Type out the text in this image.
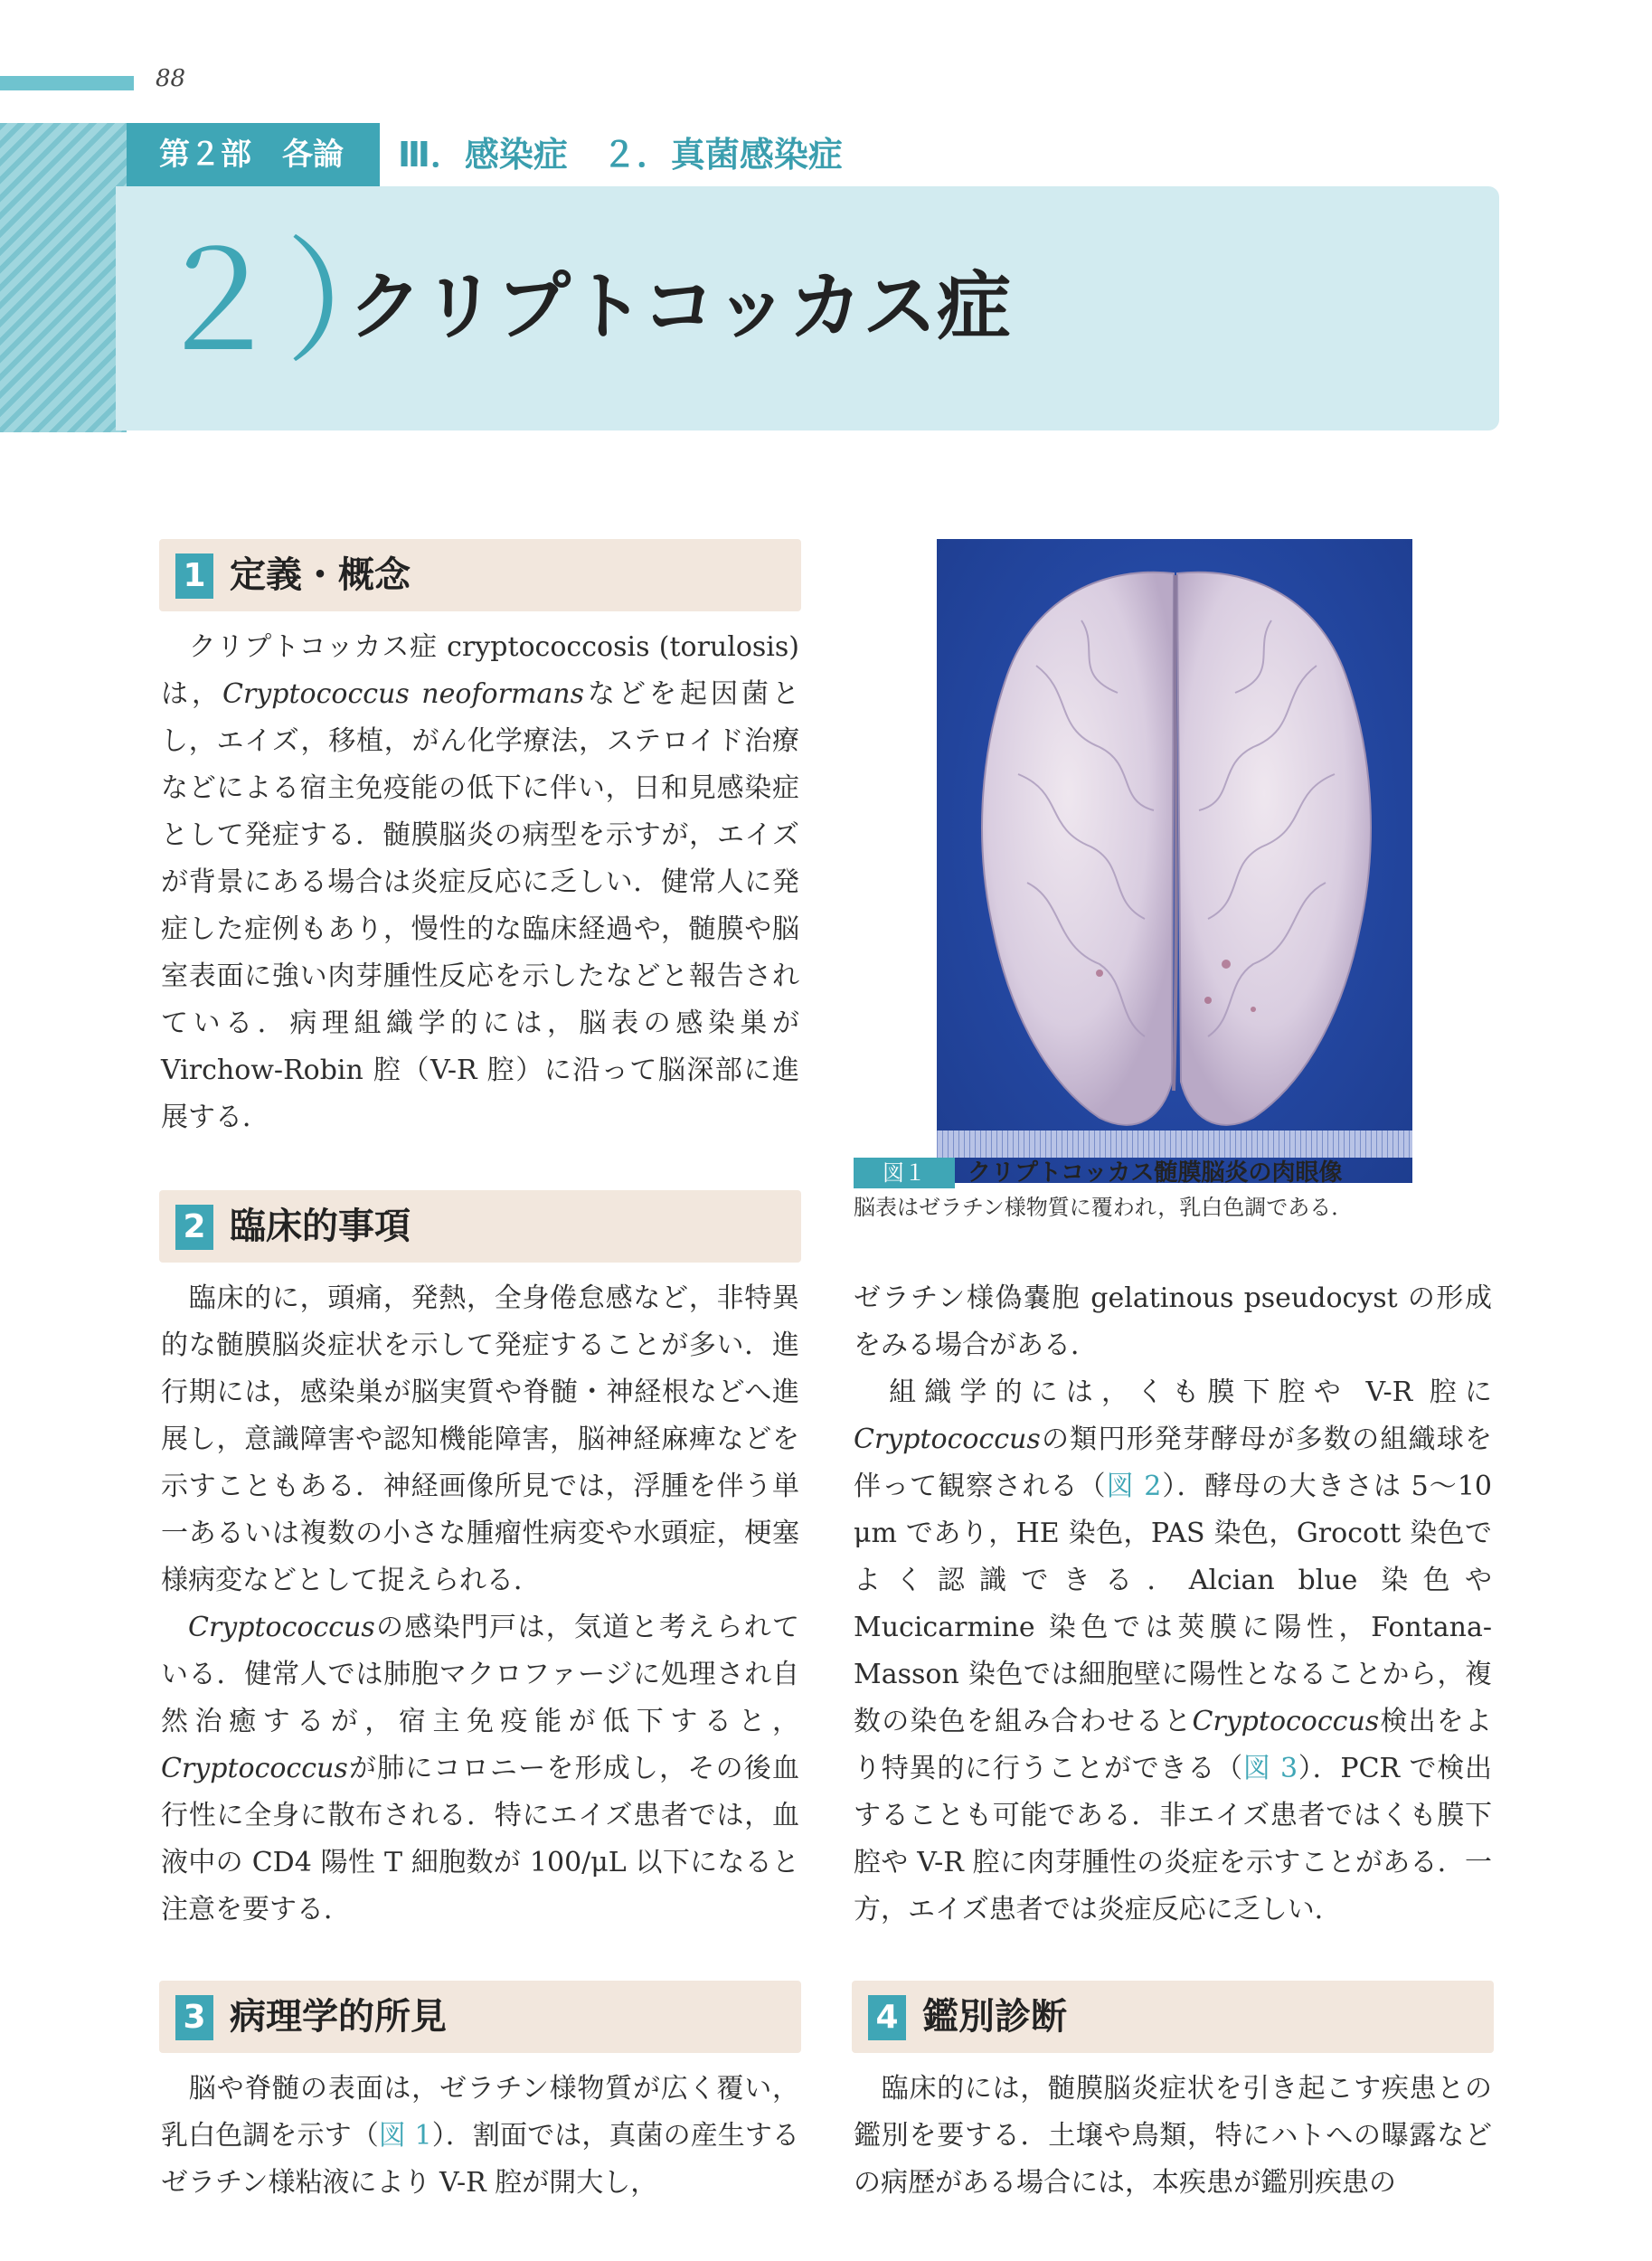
88
第２部　各論	Ⅲ．感染症　２．真菌感染症
２）
クリプトコッカス症
1 定義・概念

クリプトコッカス症 cryptococcosis (torulosis) は，Cryptococcus neoformansなどを起因菌とし，エイズ，移植，がん化学療法，ステロイド治療などによる宿主免疫能の低下に伴い，日和見感染症として発症する．髄膜脳炎の病型を示すが，エイズが背景にある場合は炎症反応に乏しい．健常人に発症した症例もあり，慢性的な臨床経過や，髄膜や脳室表面に強い肉芽腫性反応を示したなどと報告されている．病理組織学的には，脳表の感染巣がVirchow-Robin 腔（V-R 腔）に沿って脳深部に進展する．

2 臨床的事項

臨床的に，頭痛，発熱，全身倦怠感など，非特異的な髄膜脳炎症状を示して発症することが多い．進行期には，感染巣が脳実質や脊髄・神経根などへ進展し，意識障害や認知機能障害，脳神経麻痺などを示すこともある．神経画像所見では，浮腫を伴う単一あるいは複数の小さな腫瘤性病変や水頭症，梗塞様病変などとして捉えられる．

Cryptococcusの感染門戸は，気道と考えられている．健常人では肺胞マクロファージに処理され自然治癒するが，宿主免疫能が低下すると，Cryptococcusが肺にコロニーを形成し，その後血行性に全身に散布される．特にエイズ患者では，血液中の CD4 陽性 T 細胞数が 100/μL 以下になると注意を要する．

3 病理学的所見

脳や脊髄の表面は，ゼラチン様物質が広く覆い，乳白色調を示す（図 1）．割面では，真菌の産生するゼラチン様粘液により V-R 腔が開大し，

図１	クリプトコッカス髄膜脳炎の肉眼像
脳表はゼラチン様物質に覆われ，乳白色調である．

ゼラチン様偽嚢胞 gelatinous pseudocyst の形成をみる場合がある．

組織学的には，くも膜下腔や V-R 腔にCryptococcusの類円形発芽酵母が多数の組織球を伴って観察される（図 2）．酵母の大きさは 5〜10 μm であり，HE 染色，PAS 染色，Grocott 染色でよく認識できる．Alcian blue 染色や Mucicarmine 染色では莢膜に陽性，Fontana-Masson 染色では細胞壁に陽性となることから，複数の染色を組み合わせるとCryptococcus検出をより特異的に行うことができる（図 3）．PCR で検出することも可能である．非エイズ患者ではくも膜下腔や V-R 腔に肉芽腫性の炎症を示すことがある．一方，エイズ患者では炎症反応に乏しい．

4 鑑別診断

臨床的には，髄膜脳炎症状を引き起こす疾患との鑑別を要する．土壌や鳥類，特にハトへの曝露などの病歴がある場合には，本疾患が鑑別疾患の
